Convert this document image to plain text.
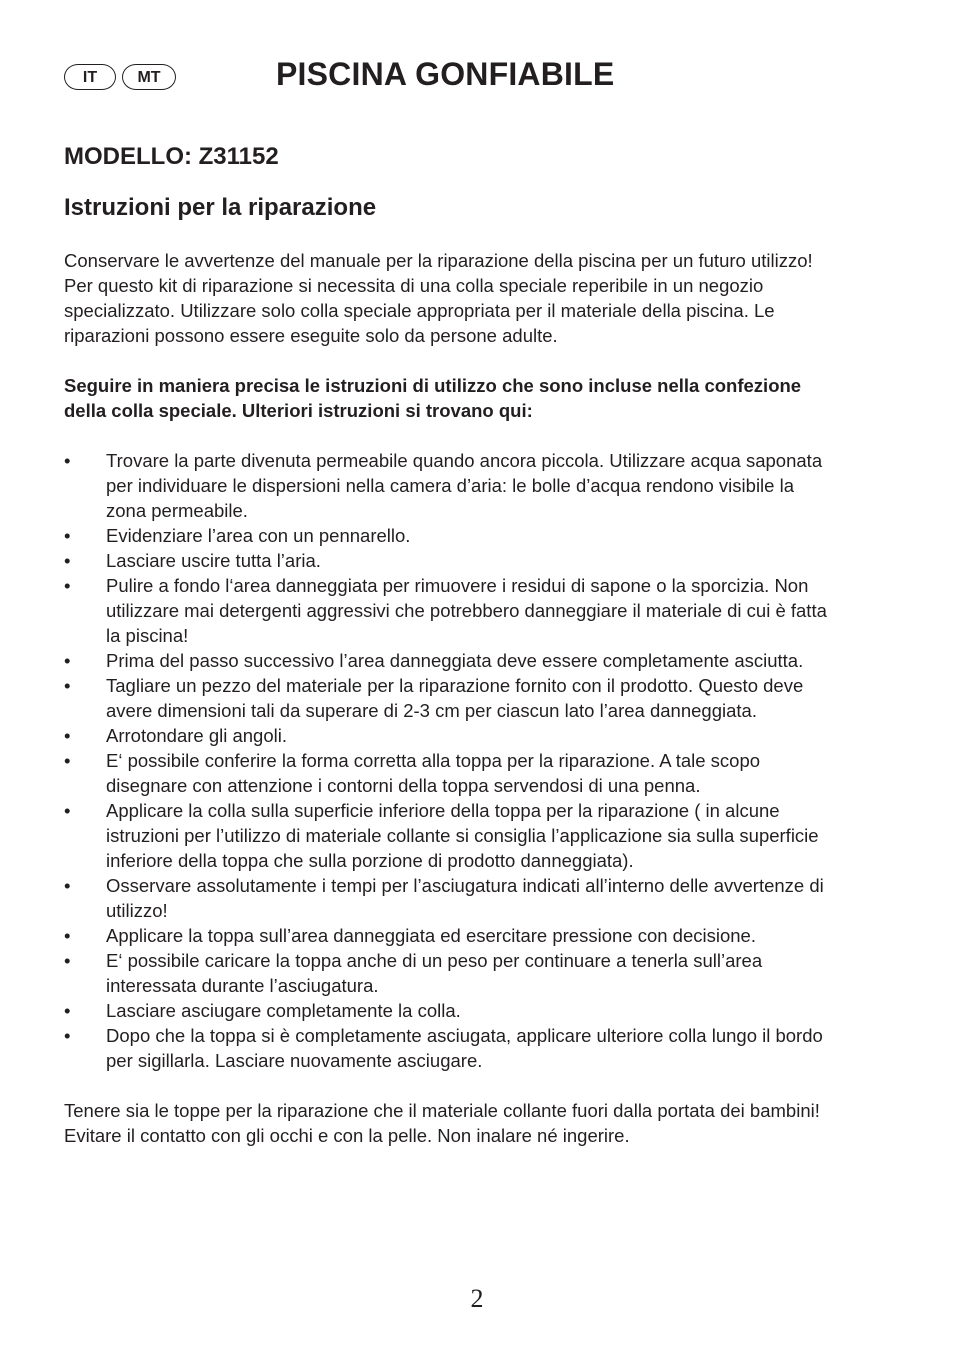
IT	MT	PISCINA GONFIABILE
MODELLO: Z31152
Istruzioni per la riparazione

Conservare le avvertenze del manuale per la riparazione della piscina per un futuro utilizzo! Per questo kit di riparazione si necessita di una colla speciale reperibile in un negozio specializzato. Utilizzare solo colla speciale appropriata per il materiale della piscina. Le riparazioni possono essere eseguite solo da persone adulte.

Seguire in maniera precisa le istruzioni di utilizzo che sono incluse nella confezione della colla speciale. Ulteriori istruzioni si trovano qui:

• Trovare la parte divenuta permeabile quando ancora piccola. Utilizzare acqua saponata per individuare le dispersioni nella camera d’aria: le bolle d’acqua rendono visibile la zona permeabile.
• Evidenziare l’area con un pennarello.
• Lasciare uscire tutta l’aria.
• Pulire a fondo l‘area danneggiata per rimuovere i residui di sapone o la sporcizia. Non utilizzare mai detergenti aggressivi che potrebbero danneggiare il materiale di cui è fatta la piscina!
• Prima del passo successivo l’area danneggiata deve essere completamente asciutta.
• Tagliare un pezzo del materiale per la riparazione fornito con il prodotto. Questo deve avere dimensioni tali da superare di 2-3 cm per ciascun lato l’area danneggiata.
• Arrotondare gli angoli.
• E‘ possibile conferire la forma corretta alla toppa per la riparazione. A tale scopo disegnare con attenzione i contorni della toppa servendosi di una penna.
• Applicare la colla sulla superficie inferiore della toppa per la riparazione ( in alcune istruzioni per l’utilizzo di materiale collante si consiglia l’applicazione sia sulla superficie inferiore della toppa che sulla porzione di prodotto danneggiata).
• Osservare assolutamente i tempi per l’asciugatura indicati all’interno delle avvertenze di utilizzo!
• Applicare la toppa sull’area danneggiata ed esercitare pressione con decisione.
• E‘ possibile caricare la toppa anche di un peso per continuare a tenerla sull’area interessata durante l’asciugatura.
• Lasciare asciugare completamente la colla.
• Dopo che la toppa si è completamente asciugata, applicare ulteriore colla lungo il bordo per sigillarla. Lasciare nuovamente asciugare.

Tenere sia le toppe per la riparazione che il materiale collante fuori dalla portata dei bambini! Evitare il contatto con gli occhi e con la pelle. Non inalare né ingerire.

2
